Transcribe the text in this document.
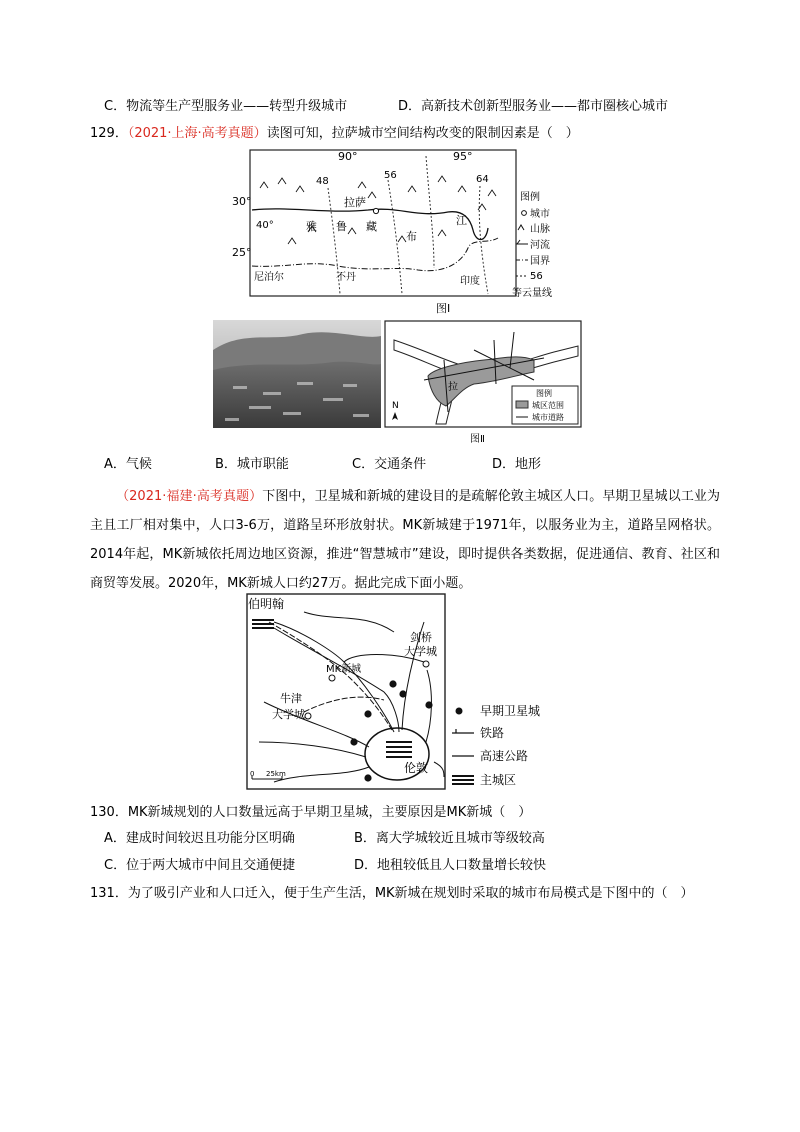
C．物流等生产型服务业——转型升级城市	D．高新技术创新型服务业——都市圈核心城市
129．（2021·上海·高考真题）读图可知，拉萨城市空间结构改变的限制因素是（　）
90°	95°
30°
25°
40°
48
56	64
拉萨
雅 鲁 藏
布
江
尼泊尔	不丹	印度
图例
城市
山脉
河流
国界
56
等云量线
图Ⅰ
拉
N
图例
城区范围
城市道路
图Ⅱ
A．气候	B．城市职能	C．交通条件	D．地形
（2021·福建·高考真题）下图中，卫星城和新城的建设目的是疏解伦敦主城区人口。早期卫星城以工业为主且工厂相对集中，人口3-6万，道路呈环形放射状。MK新城建于1971年，以服务业为主，道路呈网格状。2014年起，MK新城依托周边地区资源，推进“智慧城市”建设，即时提供各类数据，促进通信、教育、社区和商贸等发展。2020年，MK新城人口约27万。据此完成下面小题。
伯明翰
剑桥
大学城
MK新城
牛津
大学城
伦敦
0 25km
早期卫星城
铁路
高速公路
主城区
130．MK新城规划的人口数量远高于早期卫星城，主要原因是MK新城（　）
A．建成时间较迟且功能分区明确	B．离大学城较近且城市等级较高
C．位于两大城市中间且交通便捷	D．地租较低且人口数量增长较快
131．为了吸引产业和人口迁入，便于生产生活，MK新城在规划时采取的城市布局模式是下图中的（　）
